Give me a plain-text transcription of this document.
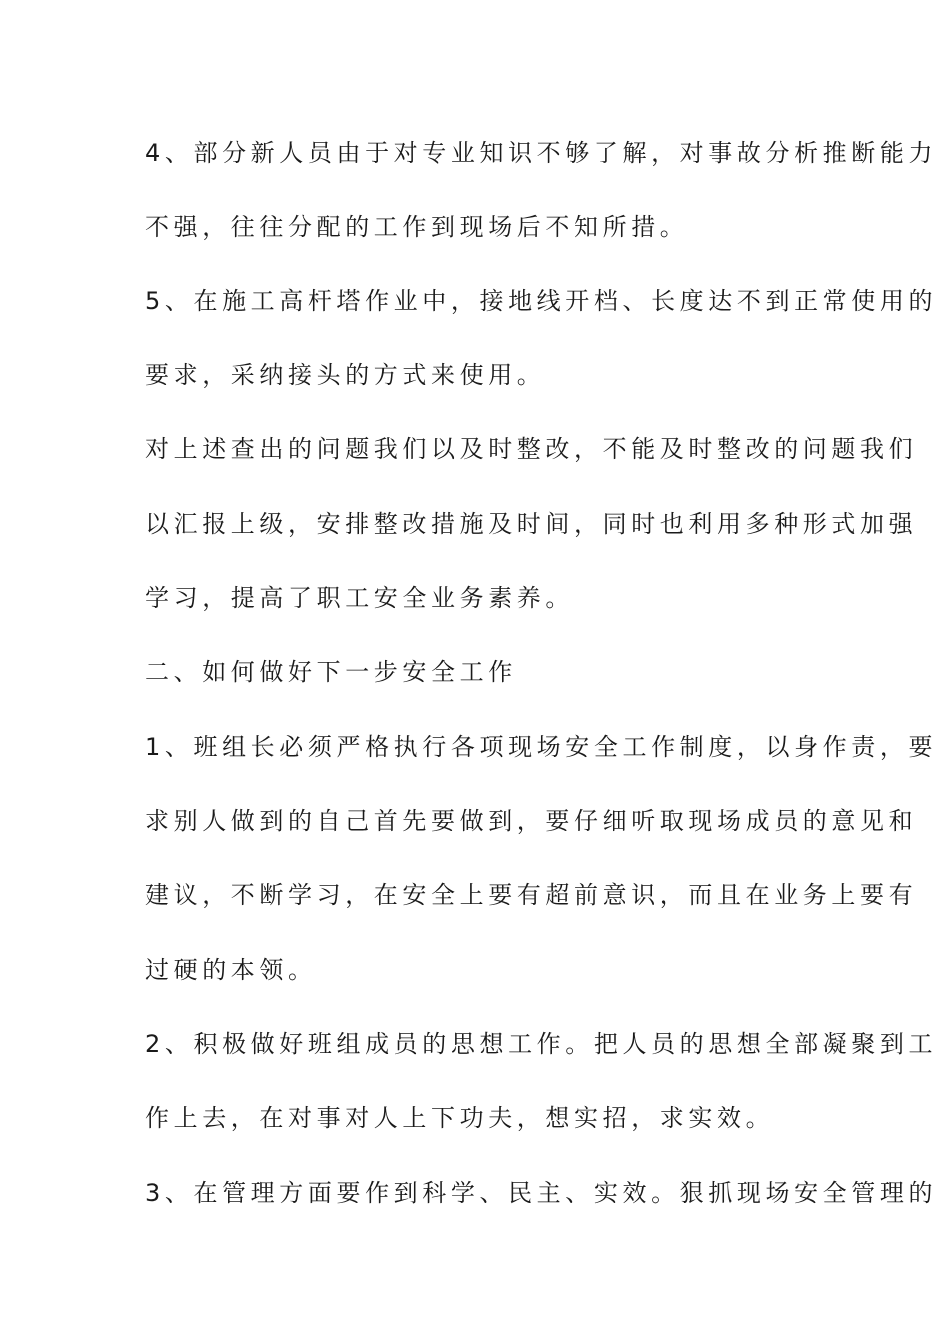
4、部分新人员由于对专业知识不够了解，对事故分析推断能力
不强，往往分配的工作到现场后不知所措。
5、在施工高杆塔作业中，接地线开档、长度达不到正常使用的
要求，采纳接头的方式来使用。
对上述查出的问题我们以及时整改，不能及时整改的问题我们
以汇报上级，安排整改措施及时间，同时也利用多种形式加强
学习，提高了职工安全业务素养。
二、如何做好下一步安全工作
1、班组长必须严格执行各项现场安全工作制度，以身作责，要
求别人做到的自己首先要做到，要仔细听取现场成员的意见和
建议，不断学习，在安全上要有超前意识，而且在业务上要有
过硬的本领。
2、积极做好班组成员的思想工作。把人员的思想全部凝聚到工
作上去，在对事对人上下功夫，想实招，求实效。
3、在管理方面要作到科学、民主、实效。狠抓现场安全管理的
